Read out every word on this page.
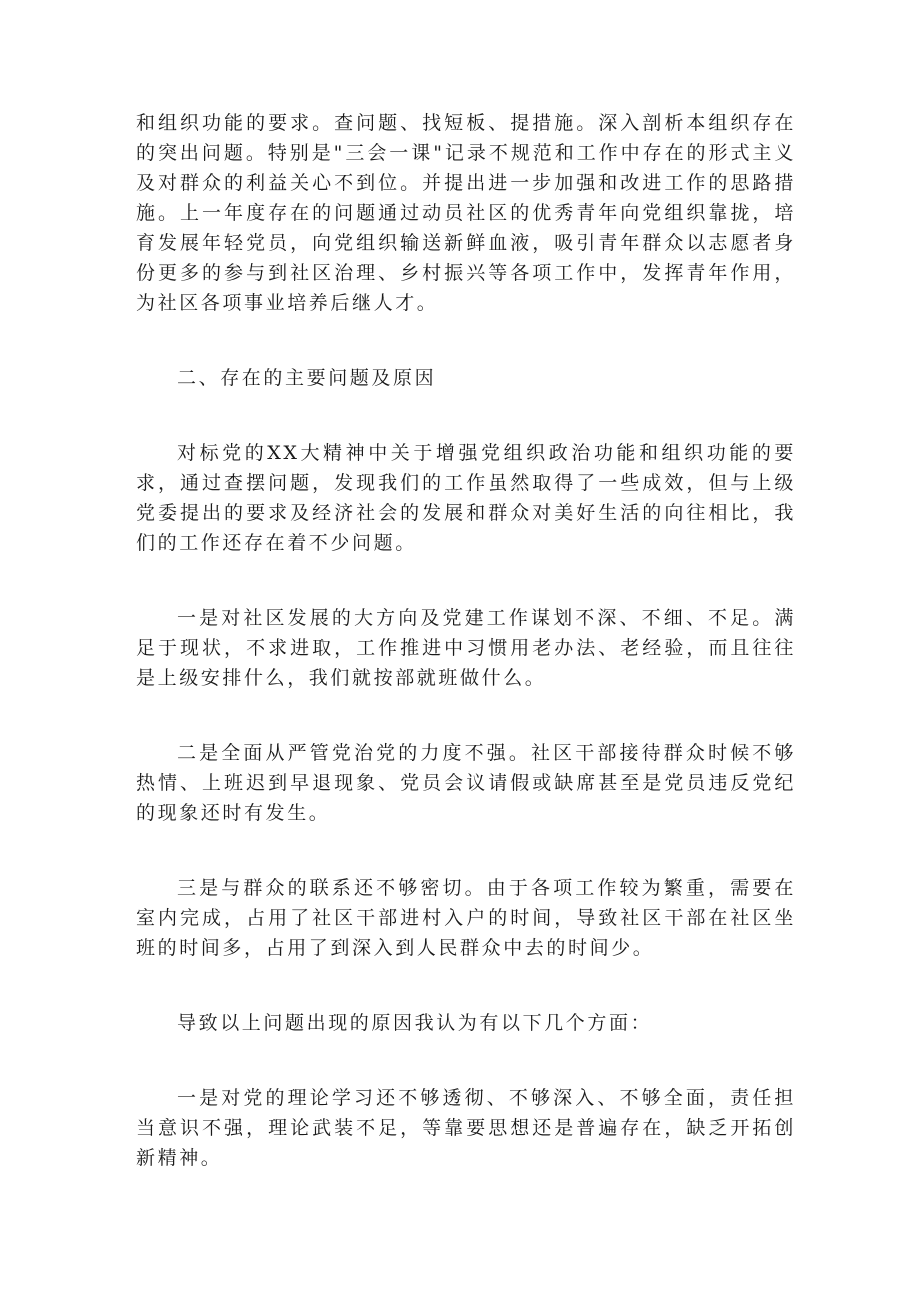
和组织功能的要求。查问题、找短板、提措施。深入剖析本组织存在的突出问题。特别是"三会一课"记录不规范和工作中存在的形式主义及对群众的利益关心不到位。并提出进一步加强和改进工作的思路措施。上一年度存在的问题通过动员社区的优秀青年向党组织靠拢，培育发展年轻党员，向党组织输送新鲜血液，吸引青年群众以志愿者身份更多的参与到社区治理、乡村振兴等各项工作中，发挥青年作用，为社区各项事业培养后继人才。

二、存在的主要问题及原因

对标党的XX大精神中关于增强党组织政治功能和组织功能的要求，通过查摆问题，发现我们的工作虽然取得了一些成效，但与上级党委提出的要求及经济社会的发展和群众对美好生活的向往相比，我们的工作还存在着不少问题。

一是对社区发展的大方向及党建工作谋划不深、不细、不足。满足于现状，不求进取，工作推进中习惯用老办法、老经验，而且往往是上级安排什么，我们就按部就班做什么。

二是全面从严管党治党的力度不强。社区干部接待群众时候不够热情、上班迟到早退现象、党员会议请假或缺席甚至是党员违反党纪的现象还时有发生。

三是与群众的联系还不够密切。由于各项工作较为繁重，需要在室内完成，占用了社区干部进村入户的时间，导致社区干部在社区坐班的时间多，占用了到深入到人民群众中去的时间少。

导致以上问题出现的原因我认为有以下几个方面：

一是对党的理论学习还不够透彻、不够深入、不够全面，责任担当意识不强，理论武装不足，等靠要思想还是普遍存在，缺乏开拓创新精神。
